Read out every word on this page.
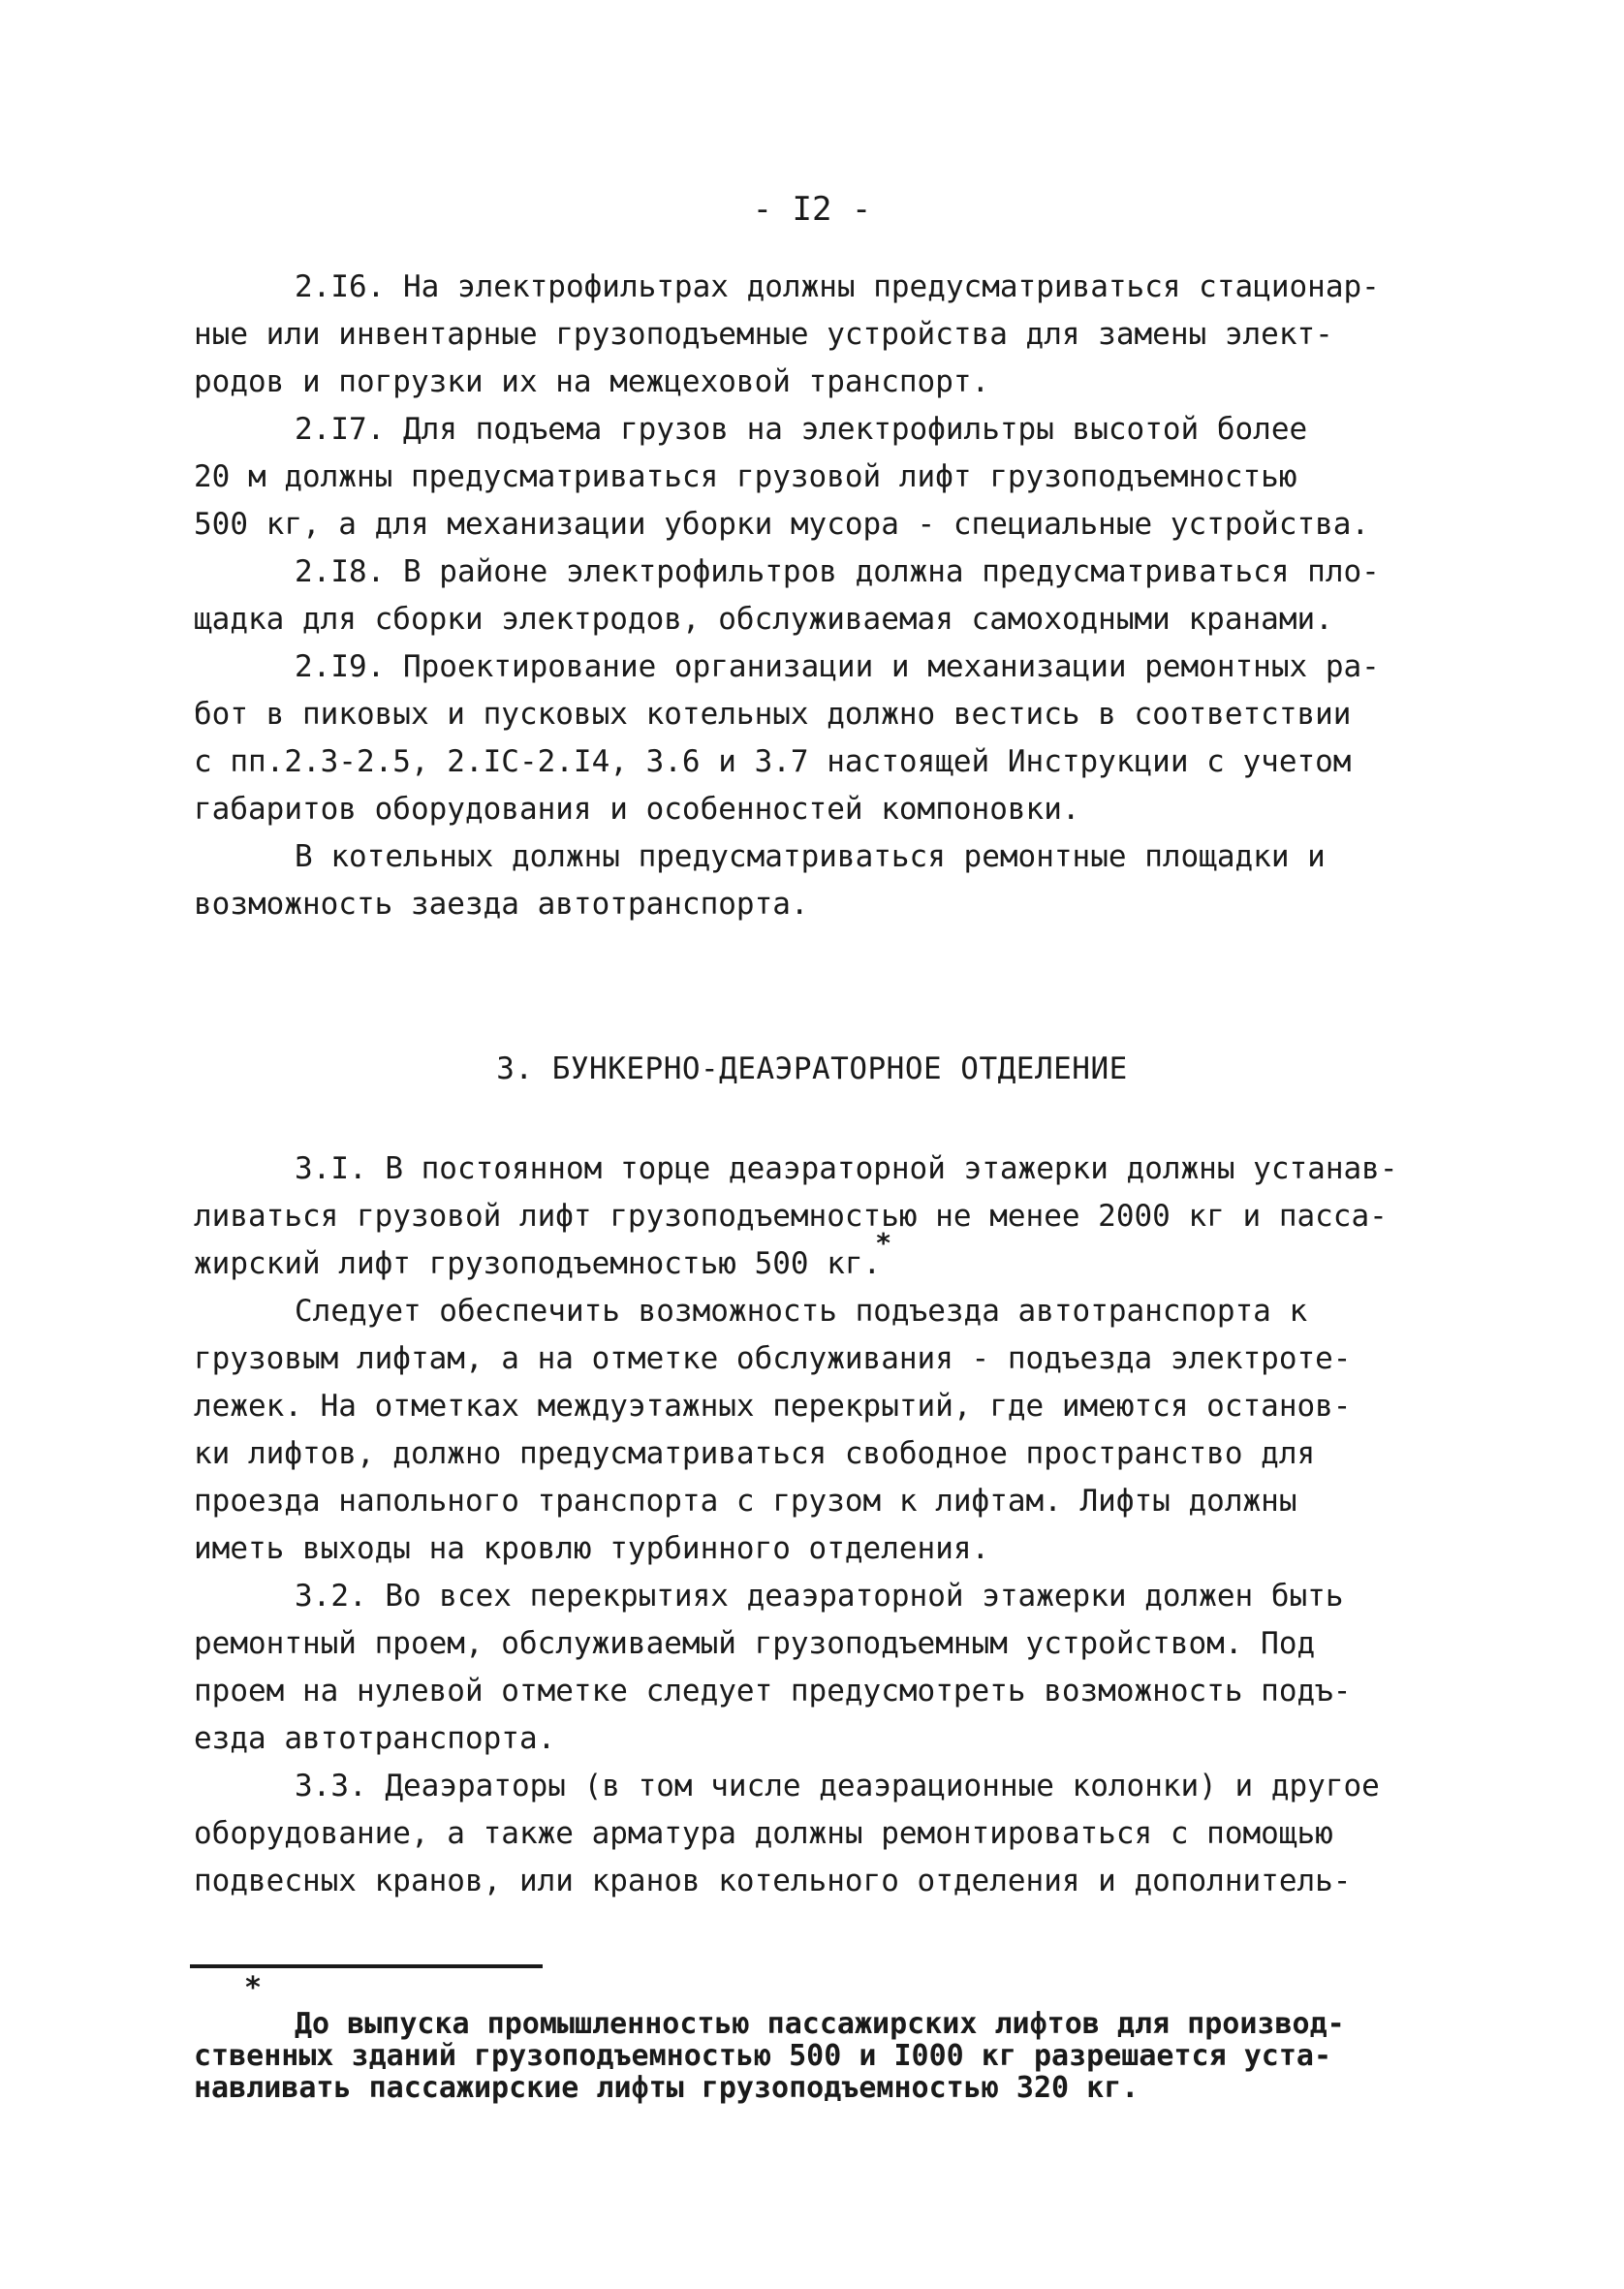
- I2 -
2.I6. На электрофильтрах должны предусматриваться стационар-
ные или инвентарные грузоподъемные устройства для замены элект-
родов и погрузки их на межцеховой транспорт.
2.I7. Для подъема грузов на электрофильтры высотой более
20 м должны предусматриваться грузовой лифт грузоподъемностью
500 кг, а для механизации уборки мусора - специальные устройства.
2.I8. В районе электрофильтров должна предусматриваться пло-
щадка для сборки электродов, обслуживаемая самоходными кранами.
2.I9. Проектирование организации и механизации ремонтных ра-
бот в пиковых и пусковых котельных должно вестись в соответствии
с пп.2.3-2.5, 2.IC-2.I4, 3.6 и 3.7 настоящей Инструкции с учетом
габаритов оборудования и особенностей компоновки.
В котельных должны предусматриваться ремонтные площадки и
возможность заезда автотранспорта.
3. БУНКЕРНО-ДЕАЭРАТОРНОЕ ОТДЕЛЕНИЕ
3.I. В постоянном торце деаэраторной этажерки должны устанав-
ливаться грузовой лифт грузоподъемностью не менее 2000 кг и пасса-
жирский лифт грузоподъемностью 500 кг.*
Следует обеспечить возможность подъезда автотранспорта к
грузовым лифтам, а на отметке обслуживания - подъезда электроте-
лежек. На отметках междуэтажных перекрытий, где имеются останов-
ки лифтов, должно предусматриваться свободное пространство для
проезда напольного транспорта с грузом к лифтам. Лифты должны
иметь выходы на кровлю турбинного отделения.
3.2. Во всех перекрытиях деаэраторной этажерки должен быть
ремонтный проем, обслуживаемый грузоподъемным устройством. Под
проем на нулевой отметке следует предусмотреть возможность подъ-
езда автотранспорта.
3.3. Деаэраторы (в том числе деаэрационные колонки) и другое
оборудование, а также арматура должны ремонтироваться с помощью
подвесных кранов, или кранов котельного отделения и дополнитель-
*
До выпуска промышленностью пассажирских лифтов для производ-
ственных зданий грузоподъемностью 500 и I000 кг разрешается уста-
навливать пассажирские лифты грузоподъемностью 320 кг.
